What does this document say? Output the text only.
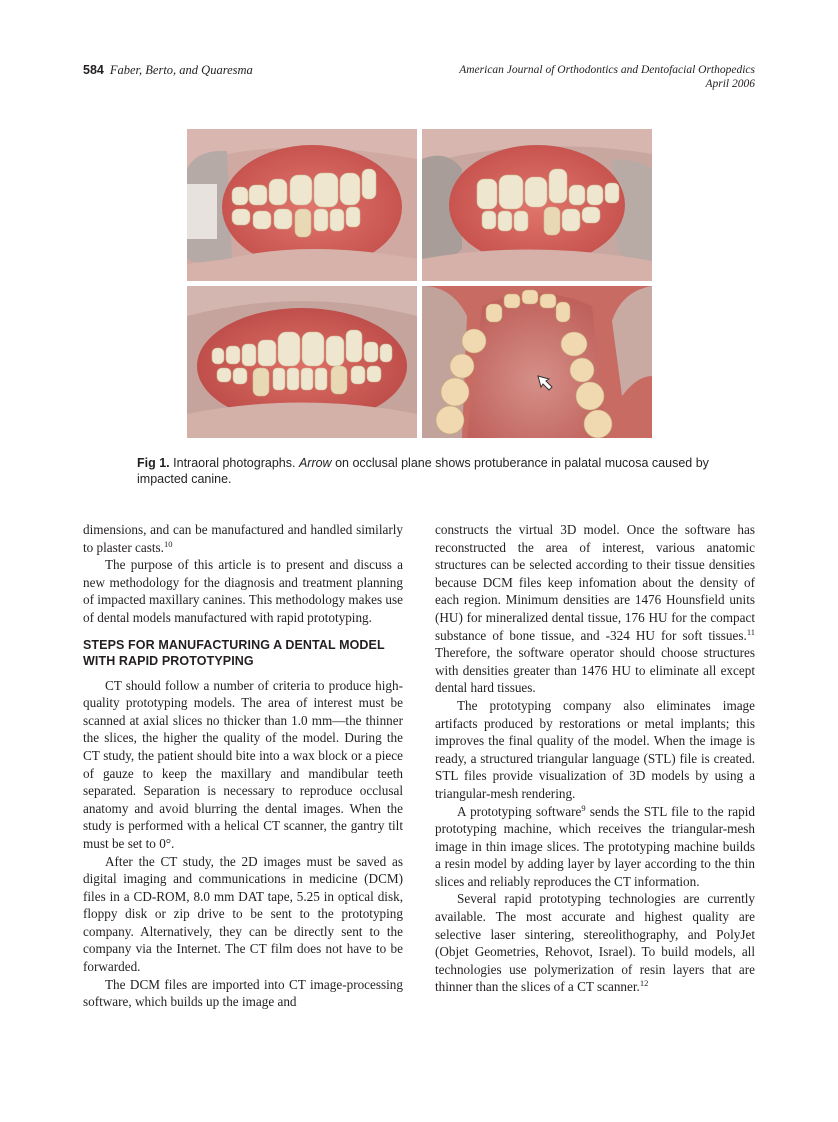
584 Faber, Berto, and Quaresma	American Journal of Orthodontics and Dentofacial Orthopedics
April 2006
Fig 1. Intraoral photographs. Arrow on occlusal plane shows protuberance in palatal mucosa caused by impacted canine.

dimensions, and can be manufactured and handled similarly to plaster casts.$^{10}$

The purpose of this article is to present and discuss a new methodology for the diagnosis and treatment planning of impacted maxillary canines. This methodology makes use of dental models manufactured with rapid prototyping.

STEPS FOR MANUFACTURING A DENTAL MODEL WITH RAPID PROTOTYPING

CT should follow a number of criteria to produce high-quality prototyping models. The area of interest must be scanned at axial slices no thicker than 1.0 mm—the thinner the slices, the higher the quality of the model. During the CT study, the patient should bite into a wax block or a piece of gauze to keep the maxillary and mandibular teeth separated. Separation is necessary to reproduce occlusal anatomy and avoid blurring the dental images. When the study is performed with a helical CT scanner, the gantry tilt must be set to 0°.

After the CT study, the 2D images must be saved as digital imaging and communications in medicine (DCM) files in a CD-ROM, 8.0 mm DAT tape, 5.25 in optical disk, floppy disk or zip drive to be sent to the prototyping company. Alternatively, they can be directly sent to the company via the Internet. The CT film does not have to be forwarded.

The DCM files are imported into CT image-processing software, which builds up the image and

constructs the virtual 3D model. Once the software has reconstructed the area of interest, various anatomic structures can be selected according to their tissue densities because DCM files keep infomation about the density of each region. Minimum densities are 1476 Hounsfield units (HU) for mineralized dental tissue, 176 HU for the compact substance of bone tissue, and -324 HU for soft tissues.$^{11}$ Therefore, the software operator should choose structures with densities greater than 1476 HU to eliminate all except dental hard tissues.

The prototyping company also eliminates image artifacts produced by restorations or metal implants; this improves the final quality of the model. When the image is ready, a structured triangular language (STL) file is created. STL files provide visualization of 3D models by using a triangular-mesh rendering.

A prototyping software$^9$ sends the STL file to the rapid prototyping machine, which receives the triangular-mesh image in thin image slices. The prototyping machine builds a resin model by adding layer by layer according to the thin slices and reliably reproduces the CT information.

Several rapid prototyping technologies are currently available. The most accurate and highest quality are selective laser sintering, stereolithography, and PolyJet (Objet Geometries, Rehovot, Israel). To build models, all technologies use polymerization of resin layers that are thinner than the slices of a CT scanner.$^{12}$
